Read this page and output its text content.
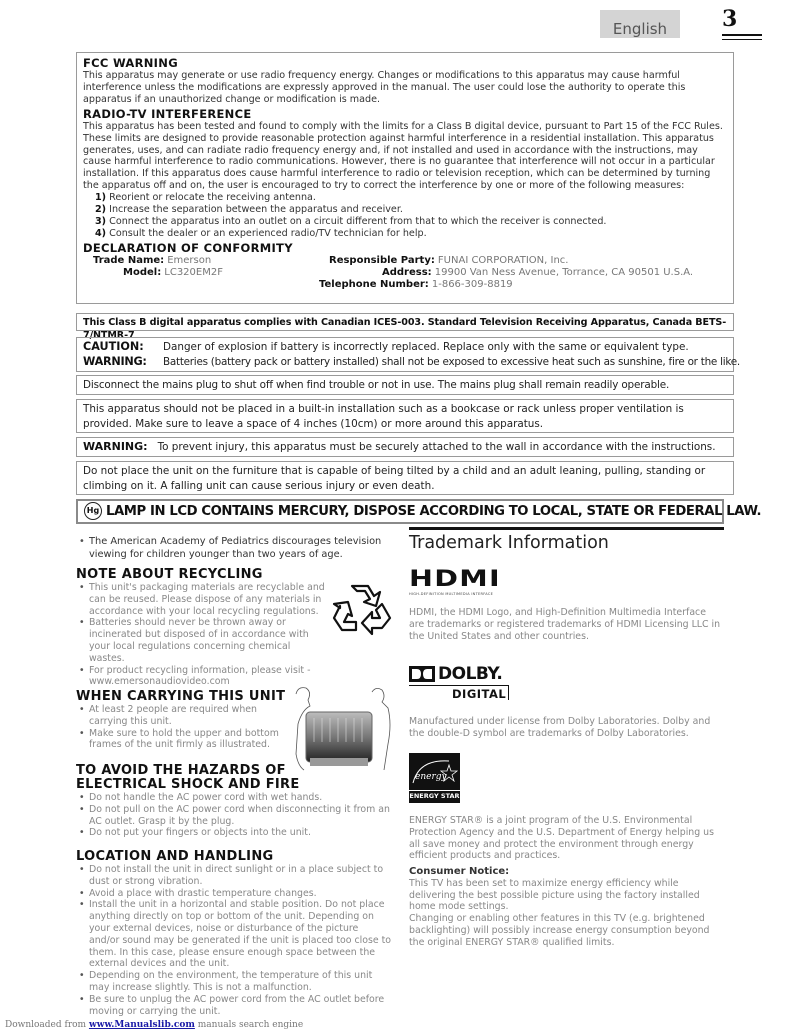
English	3
FCC WARNING

This apparatus may generate or use radio frequency energy. Changes or modifications to this apparatus may cause harmful interference unless the modifications are expressly approved in the manual. The user could lose the authority to operate this apparatus if an unauthorized change or modification is made.

RADIO-TV INTERFERENCE

This apparatus has been tested and found to comply with the limits for a Class B digital device, pursuant to Part 15 of the FCC Rules. These limits are designed to provide reasonable protection against harmful interference in a residential installation. This apparatus generates, uses, and can radiate radio frequency energy and, if not installed and used in accordance with the instructions, may cause harmful interference to radio communications. However, there is no guarantee that interference will not occur in a particular installation. If this apparatus does cause harmful interference to radio or television reception, which can be determined by turning the apparatus off and on, the user is encouraged to try to correct the interference by one or more of the following measures:

1) Reorient or relocate the receiving antenna.
2) Increase the separation between the apparatus and receiver.
3) Connect the apparatus into an outlet on a circuit different from that to which the receiver is connected.
4) Consult the dealer or an experienced radio/TV technician for help.
DECLARATION OF CONFORMITY
Trade Name: Emerson
Model: LC320EM2F
Responsible Party: FUNAI CORPORATION, Inc.
Address: 19900 Van Ness Avenue, Torrance, CA 90501 U.S.A.
Telephone Number: 1-866-309-8819
This Class B digital apparatus complies with Canadian ICES-003. Standard Television Receiving Apparatus, Canada BETS-7/NTMR-7
CAUTION: Danger of explosion if battery is incorrectly replaced. Replace only with the same or equivalent type.
WARNING: Batteries (battery pack or battery installed) shall not be exposed to excessive heat such as sunshine, fire or the like.
Disconnect the mains plug to shut off when find trouble or not in use. The mains plug shall remain readily operable.
This apparatus should not be placed in a built-in installation such as a bookcase or rack unless proper ventilation is provided. Make sure to leave a space of 4 inches (10cm) or more around this apparatus.
WARNING: To prevent injury, this apparatus must be securely attached to the wall in accordance with the instructions.
Do not place the unit on the furniture that is capable of being tilted by a child and an adult leaning, pulling, standing or climbing on it. A falling unit can cause serious injury or even death.
Hg LAMP IN LCD CONTAINS MERCURY, DISPOSE ACCORDING TO LOCAL, STATE OR FEDERAL LAW.
• The American Academy of Pediatrics discourages television viewing for children younger than two years of age.
NOTE ABOUT RECYCLING
• This unit's packaging materials are recyclable and can be reused. Please dispose of any materials in accordance with your local recycling regulations.
• Batteries should never be thrown away or incinerated but disposed of in accordance with your local regulations concerning chemical wastes.
• For product recycling information, please visit - www.emersonaudiovideo.com
WHEN CARRYING THIS UNIT
• At least 2 people are required when carrying this unit.
• Make sure to hold the upper and bottom frames of the unit firmly as illustrated.
TO AVOID THE HAZARDS OF
ELECTRICAL SHOCK AND FIRE
• Do not handle the AC power cord with wet hands.
• Do not pull on the AC power cord when disconnecting it from an AC outlet. Grasp it by the plug.
• Do not put your fingers or objects into the unit.
LOCATION AND HANDLING
• Do not install the unit in direct sunlight or in a place subject to dust or strong vibration.
• Avoid a place with drastic temperature changes.
• Install the unit in a horizontal and stable position. Do not place anything directly on top or bottom of the unit. Depending on your external devices, noise or disturbance of the picture and/or sound may be generated if the unit is placed too close to them. In this case, please ensure enough space between the external devices and the unit.
• Depending on the environment, the temperature of this unit may increase slightly. This is not a malfunction.
• Be sure to unplug the AC power cord from the AC outlet before moving or carrying the unit.
Trademark Information
HDMI
HIGH-DEFINITION MULTIMEDIA INTERFACE
HDMI, the HDMI Logo, and High-Definition Multimedia Interface are trademarks or registered trademarks of HDMI Licensing LLC in the United States and other countries.
DOLBY.
DIGITAL
Manufactured under license from Dolby Laboratories. Dolby and the double-D symbol are trademarks of Dolby Laboratories.
energy
ENERGY STAR
ENERGY STAR® is a joint program of the U.S. Environmental Protection Agency and the U.S. Department of Energy helping us all save money and protect the environment through energy efficient products and practices.
Consumer Notice:

This TV has been set to maximize energy efficiency while delivering the best possible picture using the factory installed home mode settings.

Changing or enabling other features in this TV (e.g. brightened backlighting) will possibly increase energy consumption beyond the original ENERGY STAR® qualified limits.

Downloaded from www.Manualslib.com manuals search engine
